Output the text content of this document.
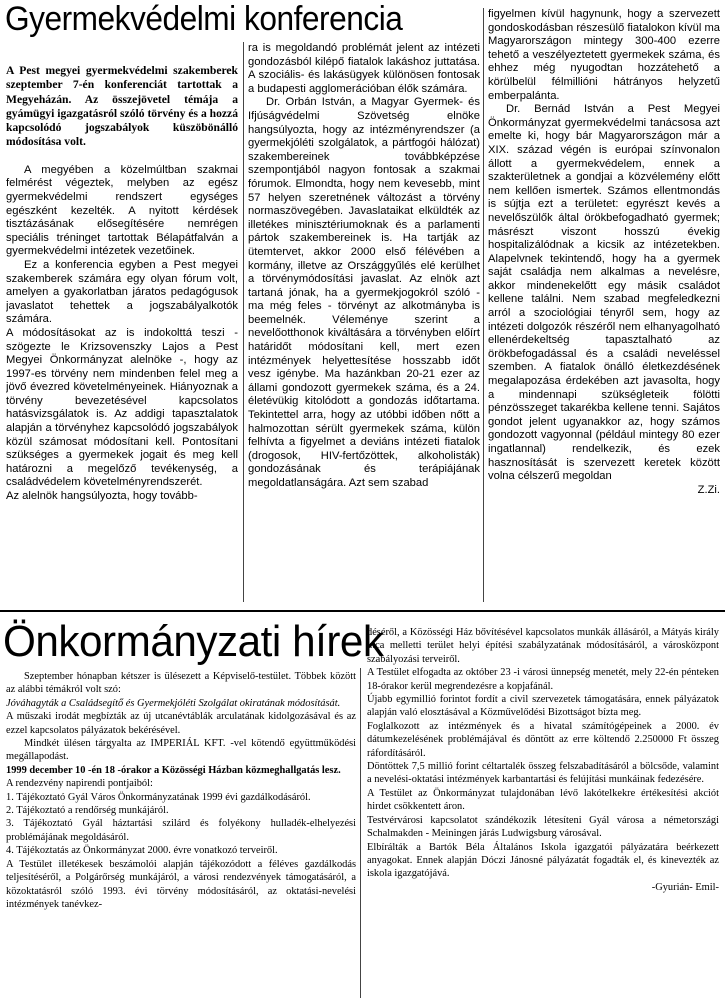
Gyermekvédelmi konferencia

A Pest megyei gyermekvédelmi szakemberek szeptember 7-én konferenciát tartottak a Megyeházán. Az összejövetel témája a gyámügyi igazgatásról szóló törvény és a hozzá kapcsolódó jogszabályok küszöbönálló módosítása volt.

A megyében a közelmúltban szakmai felmérést végeztek, melyben az egész gyermekvédelmi rendszert egységes egészként kezelték. A nyitott kérdések tisztázásának elősegítésére nemrégen speciális tréninget tartottak Bélapátfalván a gyermekvédelmi intézetek vezetőinek.

Ez a konferencia egyben a Pest megyei szakemberek számára egy olyan fórum volt, amelyen a gyakorlatban járatos pedagógusok javaslatot tehettek a jogszabályalkotók számára.

A módosításokat az is indokolttá teszi - szögezte le Krizsovenszky Lajos a Pest Megyei Önkormányzat alelnöke -, hogy az 1997-es törvény nem mindenben felel meg a jövő évezred követelményeinek. Hiányoznak a törvény bevezetésével kapcsolatos hatásvizsgálatok is. Az addigi tapasztalatok alapján a törvényhez kapcsolódó jogszabályok közül számosat módosítani kell. Pontosítani szükséges a gyermekek jogait és meg kell határozni a megelőző tevékenység, a családvédelem követelményrendszerét.

Az alelnök hangsúlyozta, hogy tovább-

ra is megoldandó problémát jelent az intézeti gondozásból kilépő fiatalok lakáshoz juttatása. A szociális- és lakásügyek különösen fontosak a budapesti agglomerációban élők számára.

Dr. Orbán István, a Magyar Gyermek- és Ifjúságvédelmi Szövetség elnöke hangsúlyozta, hogy az intézményrendszer (a gyermekjóléti szolgálatok, a pártfogói hálózat) szakembereinek továbbképzése szempontjából nagyon fontosak a szakmai fórumok. Elmondta, hogy nem kevesebb, mint 57 helyen szeretnének változást a törvény normaszövegében. Javaslataikat elküldték az illetékes minisztériumoknak és a parlamenti pártok szakembereinek is. Ha tartják az ütemtervet, akkor 2000 első félévében a kormány, illetve az Országgyűlés elé kerülhet a törvénymódosítási javaslat. Az elnök azt tartaná jónak, ha a gyermekjogokról szóló - ma még feles - törvényt az alkotmányba is beemelnék. Véleménye szerint a nevelőotthonok kiváltására a törvényben előírt határidőt módosítani kell, mert ezen intézmények helyettesítése hosszabb időt vesz igénybe. Ma hazánkban 20-21 ezer az állami gondozott gyermekek száma, és a 24. életévükig kitolódott a gondozás időtartama. Tekintettel arra, hogy az utóbbi időben nőtt a halmozottan sérült gyermekek száma, külön felhívta a figyelmet a deviáns intézeti fiatalok (drogosok, HIV-fertőzöttek, alkoholisták) gondozásának és terápiájának megoldatlanságára. Azt sem szabad

figyelmen kívül hagynunk, hogy a szervezett gondoskodásban részesülő fiatalokon kívül ma Magyarországon mintegy 300-400 ezerre tehető a veszélyeztetett gyermekek száma, és ehhez még nyugodtan hozzátehető a körülbelül félmillióni hátrányos helyzetű emberpalánta.

Dr. Bernád István a Pest Megyei Önkormányzat gyermekvédelmi tanácsosa azt emelte ki, hogy bár Magyarországon már a XIX. század végén is európai színvonalon állott a gyermekvédelem, ennek a szakterületnek a gondjai a közvélemény előtt nem kellően ismertek. Számos ellentmondás is sújtja ezt a területet: egyrészt kevés a nevelőszülők által örökbefogadható gyermek; másrészt viszont hosszú évekig hospitalizálódnak a kicsik az intézetekben. Alapelvnek tekintendő, hogy ha a gyermek saját családja nem alkalmas a nevelésre, akkor mindenekelőtt egy másik családot kellene találni. Nem szabad megfeledkezni arról a szociológiai tényről sem, hogy az intézeti dolgozók részéről nem elhanyagolható ellenérdekeltség tapasztalható az örökbefogadással és a családi neveléssel szemben. A fiatalok önálló életkezdésének megalapozása érdekében azt javasolta, hogy a mindennapi szükségleteik fölötti pénzösszeget takarékba kellene tenni. Sajátos gondot jelent ugyanakkor az, hogy számos gondozott vagyonnal (például mintegy 80 ezer ingatlannal) rendelkezik, és ezek hasznosítását is szervezett keretek között volna célszerű megoldan

Z.Zi.

Önkormányzati hírek

Szeptember hónapban kétszer is ülésezett a Képviselő-testület. Többek között az alábbi témákról volt szó:

Jóváhagyták a Családsegítő és Gyermekjóléti Szolgálat okiratának módosítását.

A műszaki irodát megbízták az új utcanévtáblák arculatának kidolgozásával és az ezzel kapcsolatos pályázatok bekérésével.

Mindkét ülésen tárgyalta az IMPERIÁL KFT. -vel kötendő együttműködési megállapodást.

1999 december 10 -én 18 -órakor a Közösségi Házban közmeghallgatás lesz.

A rendezvény napirendi pontjaiból:

1. Tájékoztató Gyál Város Önkormányzatának 1999 évi gazdálkodásáról.

2. Tájékoztató a rendőrség munkájáról.

3. Tájékoztató Gyál háztartási szilárd és folyékony hulladék-elhelyezési problémájának megoldásáról.

4. Tájékoztatás az Önkormányzat 2000. évre vonatkozó terveiről.

A Testület illetékesek beszámolói alapján tájékozódott a féléves gazdálkodás teljesítéséről, a Polgárőrség munkájáról, a városi rendezvények támogatásáról, a közoktatásról szóló 1993. évi törvény módosításáról, az oktatási-nevelési intézmények tanévkez-

déséről, a Közösségi Ház bővítésével kapcsolatos munkák állásáról, a Mátyás király utca melletti terület helyi építési szabályzatának módosításáról, a városközpont szabályozási terveiről.

A Testület elfogadta az október 23 -i városi ünnepség menetét, mely 22-én pénteken 18-órakor kerül megrendezésre a kopjafánál.

Újabb egymillió forintot fordít a civil szervezetek támogatására, ennek pályázatok alapján való elosztásával a Közművelődési Bizottságot bízta meg.

Foglalkozott az intézmények és a hivatal számítógépeinek a 2000. év dátumkezelésének problémájával és döntött az erre költendő 2.250000 Ft összeg ráfordításáról.

Döntöttek 7,5 millió forint céltartalék összeg felszabadításáról a bölcsőde, valamint a nevelési-oktatási intézmények karbantartási és felújítási munkáinak fedezésére.

A Testület az Önkormányzat tulajdonában lévő lakótelkekre értékesítési akciót hirdet csökkentett áron.

Testvérvárosi kapcsolatot szándékozik létesíteni Gyál városa a németországi Schalmakden - Meiningen járás Ludwigsburg városával.

Elbírálták a Bartók Béla Általános Iskola igazgatói pályázatára beérkezett anyagokat. Ennek alapján Dóczi Jánosné pályázatát fogadták el, és kinevezték az iskola igazgatójává.

-Gyurián- Emil-
